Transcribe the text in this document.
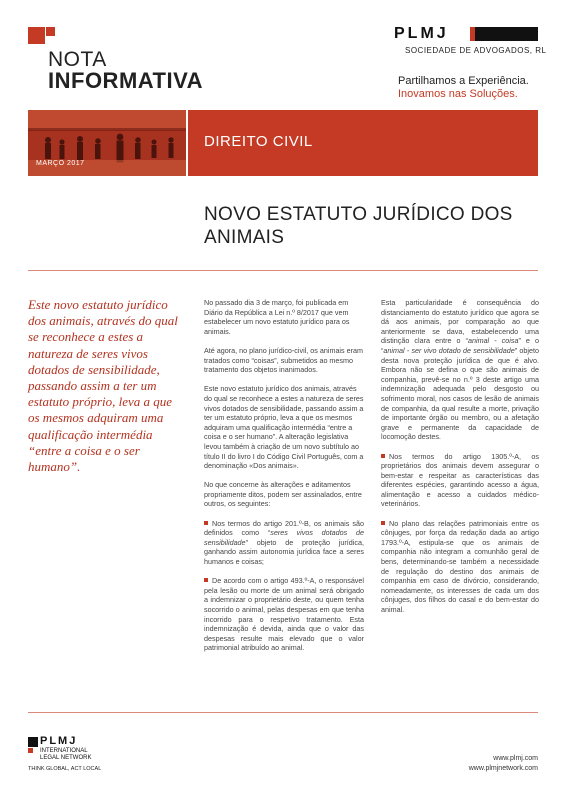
NOTA
INFORMATIVA
PLMJ
SOCIEDADE DE ADVOGADOS, RL
Partilhamos a Experiência.
Inovamos nas Soluções.
DIREITO CIVIL
MARÇO 2017
NOVO ESTATUTO JURÍDICO DOS ANIMAIS
Este novo estatuto jurídico dos animais, através do qual se reconhece a estes a natureza de seres vivos dotados de sensibilidade, passando assim a ter um estatuto próprio, leva a que os mesmos adquiram uma qualificação intermédia “entre a coisa e o ser humano”.

No passado dia 3 de março, foi publicada em Diário da República a Lei n.º 8/2017 que vem estabelecer um novo estatuto jurídico para os animais.

Até agora, no plano jurídico-civil, os animais eram tratados como “coisas”, submetidos ao mesmo tratamento dos objetos inanimados.

Este novo estatuto jurídico dos animais, através do qual se reconhece a estes a natureza de seres vivos dotados de sensibilidade, passando assim a ter um estatuto próprio, leva a que os mesmos adquiram uma qualificação intermédia “entre a coisa e o ser humano”. A alteração legislativa levou também à criação de um novo subtítulo ao título II do livro I do Código Civil Português, com a denominação «Dos animais».

No que concerne às alterações e aditamentos propriamente ditos, podem ser assinalados, entre outros, os seguintes:

Nos termos do artigo 201.º-B, os animais são definidos como “seres vivos dotados de sensibilidade” objeto de proteção jurídica, ganhando assim autonomia jurídica face a seres humanos e coisas;

De acordo com o artigo 493.º-A, o responsável pela lesão ou morte de um animal será obrigado a indemnizar o proprietário deste, ou quem tenha socorrido o animal, pelas despesas em que tenha incorrido para o respetivo tratamento. Esta indemnização é devida, ainda que o valor das despesas resulte mais elevado que o valor patrimonial atribuído ao animal.

Esta particularidade é consequência do distanciamento do estatuto jurídico que agora se dá aos animais, por comparação ao que anteriormente se dava, estabelecendo uma distinção clara entre o “animal - coisa” e o “animal - ser vivo dotado de sensibilidade” objeto desta nova proteção jurídica de que é alvo. Embora não se defina o que são animais de companhia, prevê-se no n.º 3 deste artigo uma indemnização adequada pelo desgosto ou sofrimento moral, nos casos de lesão de animais de companhia, da qual resulte a morte, privação de importante órgão ou membro, ou a afetação grave e permanente da capacidade de locomoção destes.

Nos termos do artigo 1305.º-A, os proprietários dos animais devem assegurar o bem-estar e respeitar as características das diferentes espécies, garantindo acesso a água, alimentação e acesso a cuidados médico-veterinários.

No plano das relações patrimoniais entre os cônjuges, por força da redação dada ao artigo 1793.º-A, estipula-se que os animais de companhia não integram a comunhão geral de bens, determinando-se também a necessidade de regulação do destino dos animais de companhia em caso de divórcio, considerando, nomeadamente, os interesses de cada um dos cônjuges, dos filhos do casal e do bem-estar do animal.

PLMJ
INTERNATIONAL
LEGAL NETWORK
THINK GLOBAL, ACT LOCAL
www.plmj.com
www.plmjnetwork.com
